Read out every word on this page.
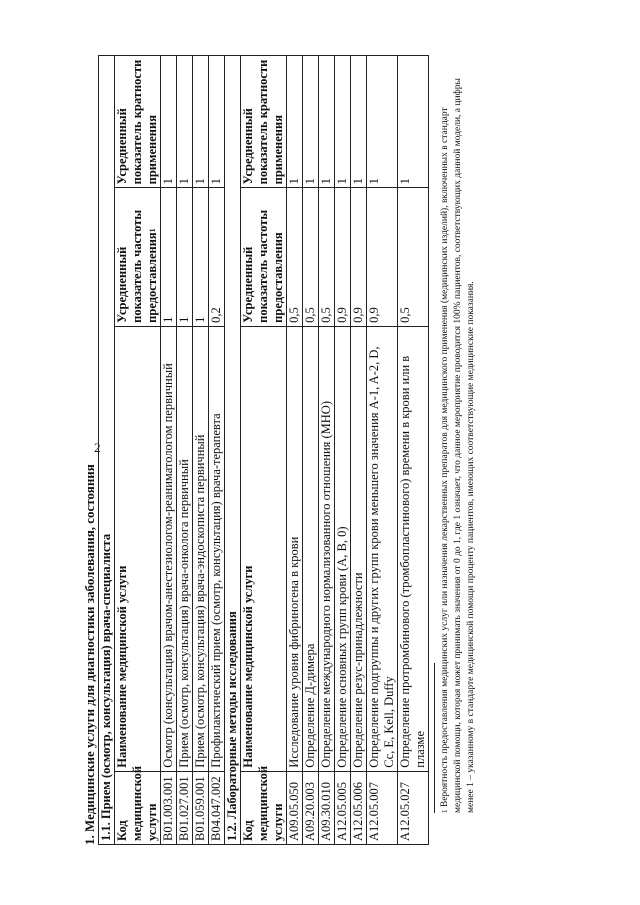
2
1. Медицинские услуги для диагностики заболевания, состояния 1.1. Прием (осмотр, консультация) врача-специалиста			
Код медицинской услуги	Наименование медицинской услуги	Усредненный показатель частоты предоставления$^1$	Усредненный показатель кратности применения
B01.003.001	Осмотр (консультация) врачом-анестезиологом-реаниматологом первичный	1	1
B01.027.001	Прием (осмотр, консультация) врача-онколога первичный	1	1
B01.059.001	Прием (осмотр, консультация) врача-эндоскописта первичный	1	1
B04.047.002	Профилактический прием (осмотр, консультация) врача-терапевта	0,2	1
1.2. Лабораторные методы исследования			
Код медицинской услуги	Наименование медицинской услуги	Усредненный показатель частоты предоставления	Усредненный показатель кратности применения
A09.05.050	Исследование уровня фибриногена в крови	0,5	1
A09.20.003	Определение Д-димера	0,5	1
A09.30.010	Определение международного нормализованного отношения (МНО)	0,5	1
A12.05.005	Определение основных групп крови (A, B, 0)	0,9	1
A12.05.006	Определение резус-принадлежности	0,9	1
A12.05.007	Определение подгруппы и других групп крови меньшего значения A-1, A-2, D, Cc, E, Kell, Duffy	0,9	1
A12.05.027	Определение протромбинового (тромбопластинового) времени в крови или в плазме	0,5	1
$^1$ Вероятность предоставления медицинских услуг или назначения лекарственных препаратов для медицинского применения (медицинских изделий), включенных в стандарт медицинской помощи, которая может принимать значения от 0 до 1, где 1 означает, что данное мероприятие проводится 100% пациентов, соответствующих данной модели, а цифры менее 1 – указанному в стандарте медицинской помощи проценту пациентов, имеющих соответствующие медицинские показания.
